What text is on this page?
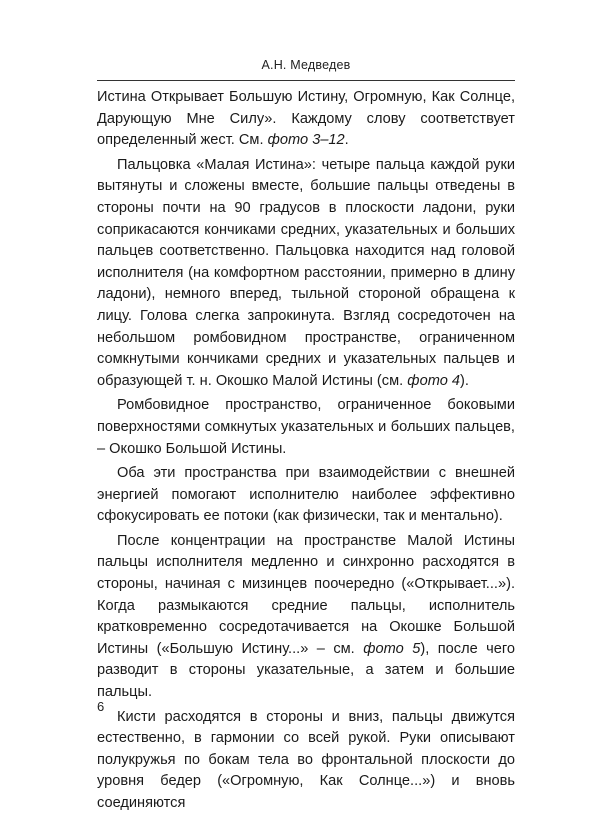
А.Н. Медведев

Истина Открывает Большую Истину, Огромную, Как Солнце, Дарующую Мне Силу». Каждому слову соответствует определенный жест. См. фото 3–12.

Пальцовка «Малая Истина»: четыре пальца каждой руки вытянуты и сложены вместе, большие пальцы отведены в стороны почти на 90 градусов в плоскости ладони, руки соприкасаются кончиками средних, указательных и больших пальцев соответственно. Пальцовка находится над головой исполнителя (на комфортном расстоянии, примерно в длину ладони), немного вперед, тыльной стороной обращена к лицу. Голова слегка запрокинута. Взгляд сосредоточен на небольшом ромбовидном пространстве, ограниченном сомкнутыми кончиками средних и указательных пальцев и образующей т. н. Окошко Малой Истины (см. фото 4).

Ромбовидное пространство, ограниченное боковыми поверхностями сомкнутых указательных и больших пальцев, – Окошко Большой Истины.

Оба эти пространства при взаимодействии с внешней энергией помогают исполнителю наиболее эффективно сфокусировать ее потоки (как физически, так и ментально).

После концентрации на пространстве Малой Истины пальцы исполнителя медленно и синхронно расходятся в стороны, начиная с мизинцев поочередно («Открывает...»). Когда размыкаются средние пальцы, исполнитель кратковременно сосредотачивается на Окошке Большой Истины («Большую Истину...» – см. фото 5), после чего разводит в стороны указательные, а затем и большие пальцы.

Кисти расходятся в стороны и вниз, пальцы движутся естественно, в гармонии со всей рукой. Руки описывают полукружья по бокам тела во фронтальной плоскости до уровня бедер («Огромную, Как Солнце...») и вновь соединяются

6
